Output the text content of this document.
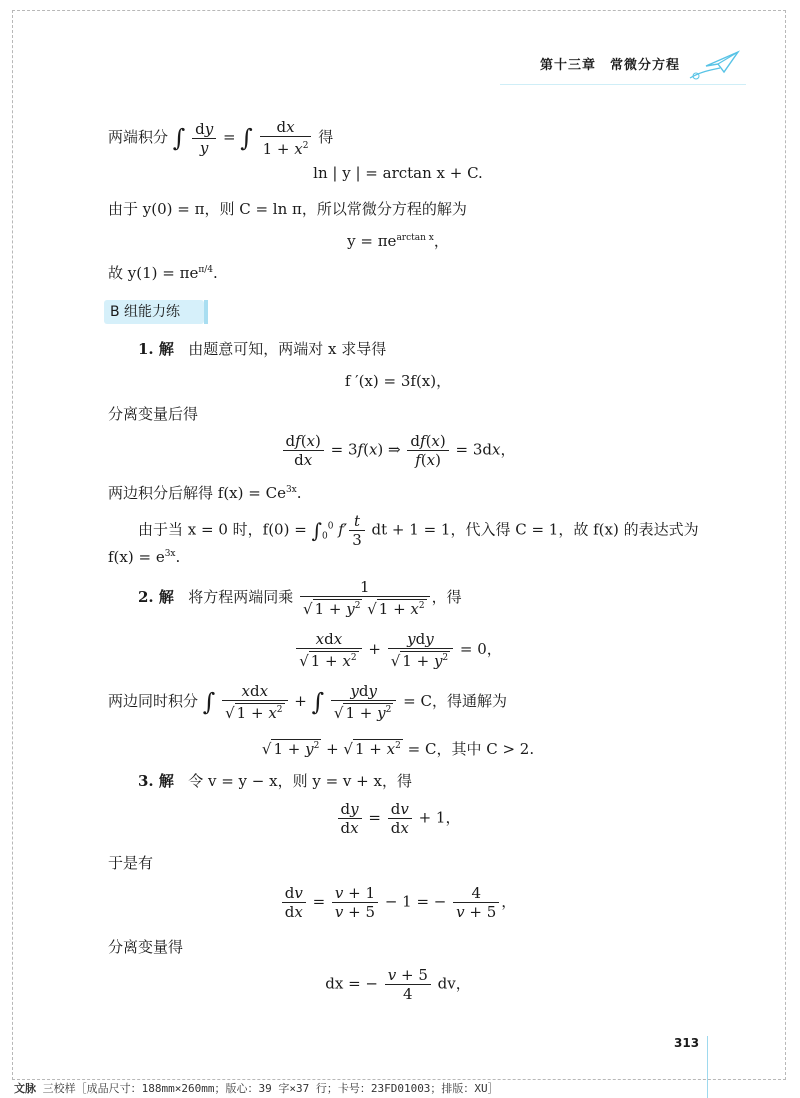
第十三章　常微分方程
两端积分 ∫ $\frac{dy}{y}$ = ∫ $\frac{dx}{1 + x^2}$ 得
ln | y | = arctan x + C.
由于 y(0) = π，则 C = ln π，所以常微分方程的解为
$y = \pi e^{arctan x}$，
故 $y(1) = \pi e^{\pi/4}$.
B 组能力练
1. 解 由题意可知，两端对 x 求导得
f ′(x) = 3f(x)，
分离变量后得
$\frac{df(x)}{dx} = 3f(x)$ ⇒ $\frac{df(x)}{f(x)} = 3dx$，
两边积分后解得 $f(x) = Ce^{3x}$.
由于当 x = 0 时，$f(0) = \int_0^0$ $f' \frac{t}{3}$ dt + 1 = 1，代入得 C = 1，故 f(x) 的表达式为
$f(x) = e^{3x}$.
2. 解 将方程两端同乘 $\frac{1}{√ 1 + y^2 √ 1 + x^2}$ ，得
$\frac{\text{xdx}}{√ 1 + x^2} + \frac{\text{ydy}}{√ 1 + y^2} = 0$，
两边同时积分 ∫ $\frac{\text{xdx}}{√ 1 + x^2}$ + ∫ $\frac{\text{ydy}}{√ 1 + y^2} = C$，得通解为
√ $1 + y^2$ + √ $1 + x^2 = C$，其中 C > 2.
3. 解 令 v = y − x，则 y = v + x，得
$\frac{dy}{dx} = \frac{dv}{dx} + 1$，
于是有
$\frac{dv}{dx} = \frac{v + 1}{v + 5} - 1$ = − $\frac{4}{v + 5}$ ，
分离变量得
dx = − $\frac{v + 5}{4}$ dv，
313
文脉 三校样［成品尺寸：188mm×260mm；版心：39 字×37 行；卡号：23FD01003；排版：XU］
